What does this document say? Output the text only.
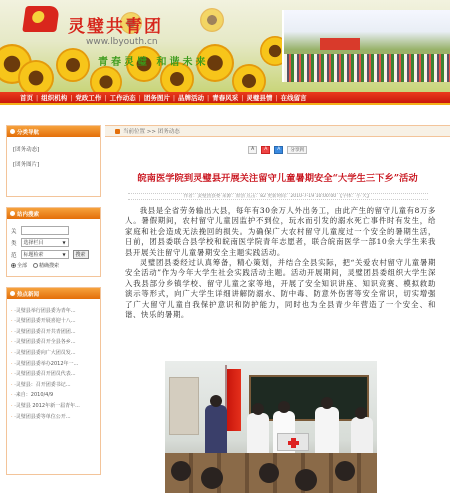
灵璧共青团
www.lbyouth.cn
青春灵璧 和谐未来
首页 | 组织机构 | 党政工作 | 工作动态 | 团务图片 | 品牌活动 | 青春风采 | 灵璧县情 | 在线留言
分类导航
[ 团务动态 ]
[ 团务图片 ]
站内搜索
关
类 选择栏目	▼
范 标题检索	▼	搜索
全部	精确搜索
热点新闻
· ·灵璧县举行团县委为青年...
· ·灵璧团县委开展喜迎十八...
· ·灵璧团县委召开共青团团...
· ·灵璧团县委召开全县各乡...
· ·灵璧团县委向广大团员发...
· ·灵璧团县委举办2012年一...
· ·灵璧团县委召开团员代表...
· ·灵璧县：召开团委书记...
· ·来自：2010/4/9
· ·灵璧县 2012年新一届青年...
· ·灵璧团县委等单位公开...
当前位置 >> 团务动态
A	A	A	分享到
皖南医学院到灵璧县开展关注留守儿童暑期安全“大学生三下乡”活动
作者：灵璧团县委 来源：原创 点击：82 更新时间：2010-7-19 10:00:00 【字体：小 大】

我县是全省劳务输出大县，每年有30余万人外出务工，由此产生的留守儿童有8万多人。暑假期间，农村留守儿童因监护不到位，玩水而引发的溺水死亡事件时有发生，给家庭和社会造成无法挽回的损失。为确保广大农村留守儿童度过一个安全的暑期生活，日前，团县委联合县学校和皖南医学院青年志愿者，联合皖南医学一部10余大学生来我县开展关注留守儿童暑期安全主题实践活动。

灵璧团县委经过认真筹备，精心策划，并结合全县实际，把“关爱农村留守儿童暑期安全活动”作为今年大学生社会实践活动主题。活动开展期间，灵璧团县委组织大学生深入我县部分乡镇学校、留守儿童之家等地，开展了安全知识讲座、知识竞赛、模拟救助演示等形式，向广大学生详细讲解防溺水、防中毒、防意外伤害等安全常识，切实增强了广大留守儿童自我保护意识和防护能力，同时也为全县青少年营造了一个安全、和谐、快乐的暑期。
